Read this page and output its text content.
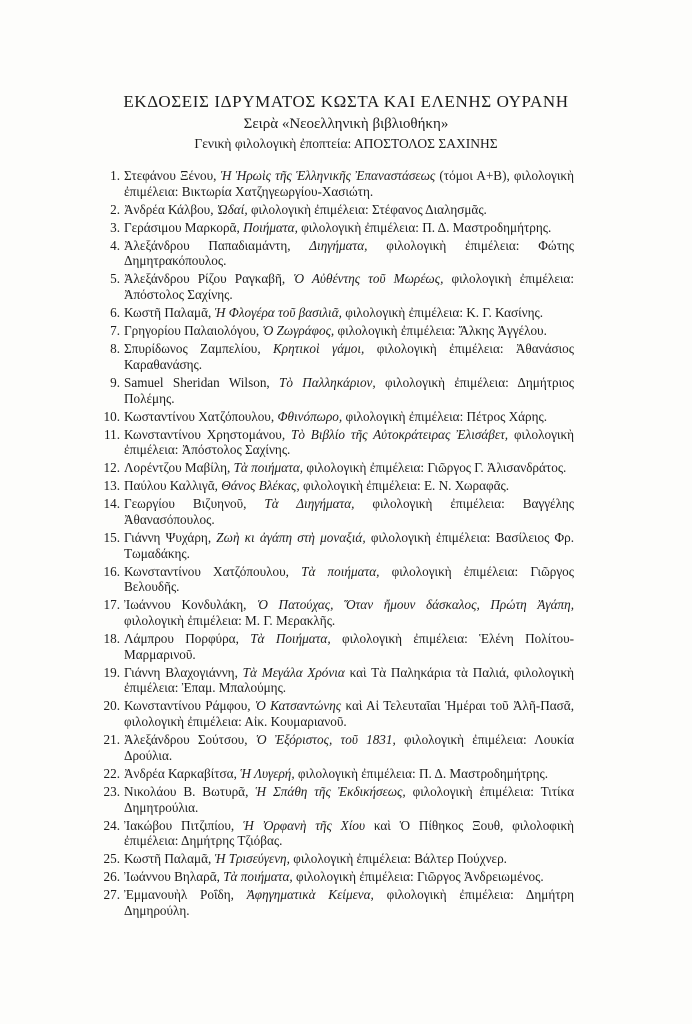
ΕΚΔΟΣΕΙΣ ΙΔΡΥΜΑΤΟΣ ΚΩΣΤΑ ΚΑΙ ΕΛΕΝΗΣ ΟΥΡΑΝΗ
Σειρὰ «Νεοελληνικὴ βιβλιοθήκη»
Γενικὴ φιλολογικὴ ἐποπτεία: ΑΠΟΣΤΟΛΟΣ ΣΑΧΙΝΗΣ
1. Στεφάνου Ξένου, Ἡ Ἡρωὶς τῆς Ἑλληνικῆς Ἐπαναστάσεως (τόμοι Α+Β), φιλολογικὴ ἐπιμέλεια: Βικτωρία Χατζηγεωργίου-Χασιώτη.
2. Ἀνδρέα Κάλβου, Ὠδαί, φιλολογικὴ ἐπιμέλεια: Στέφανος Διαλησμᾶς.
3. Γεράσιμου Μαρκορᾶ, Ποιήματα, φιλολογικὴ ἐπιμέλεια: Π. Δ. Μαστροδημήτρης.
4. Ἀλεξάνδρου Παπαδιαμάντη, Διηγήματα, φιλολογικὴ ἐπιμέλεια: Φώτης Δημητρακόπουλος.
5. Ἀλεξάνδρου Ρίζου Ραγκαβῆ, Ὁ Αὐθέντης τοῦ Μωρέως, φιλολογικὴ ἐπιμέλεια: Ἀπόστολος Σαχίνης.
6. Κωστῆ Παλαμᾶ, Ἡ Φλογέρα τοῦ βασιλιᾶ, φιλολογικὴ ἐπιμέλεια: Κ. Γ. Κασίνης.
7. Γρηγορίου Παλαιολόγου, Ὁ Ζωγράφος, φιλολογικὴ ἐπιμέλεια: Ἄλκης Ἀγγέλου.
8. Σπυρίδωνος Ζαμπελίου, Κρητικοὶ γάμοι, φιλολογικὴ ἐπιμέλεια: Ἀθανάσιος Καραθανάσης.
9. Samuel Sheridan Wilson, Τὸ Παλληκάριον, φιλολογικὴ ἐπιμέλεια: Δημήτριος Πολέμης.
10. Κωσταντίνου Χατζόπουλου, Φθινόπωρο, φιλολογικὴ ἐπιμέλεια: Πέτρος Χάρης.
11. Κωνσταντίνου Χρηστομάνου, Τὸ Βιβλίο τῆς Αὐτοκράτειρας Ἐλισάβετ, φιλολογικὴ ἐπιμέλεια: Ἀπόστολος Σαχίνης.
12. Λορέντζου Μαβίλη, Τὰ ποιήματα, φιλολογικὴ ἐπιμέλεια: Γιῶργος Γ. Ἀλισανδράτος.
13. Παύλου Καλλιγᾶ, Θάνος Βλέκας, φιλολογικὴ ἐπιμέλεια: Ε. Ν. Χωραφᾶς.
14. Γεωργίου Βιζυηνοῦ, Τὰ Διηγήματα, φιλολογικὴ ἐπιμέλεια: Βαγγέλης Ἀθανασόπουλος.
15. Γιάννη Ψυχάρη, Ζωὴ κι ἀγάπη στὴ μοναξιά, φιλολογικὴ ἐπιμέλεια: Βασίλειος Φρ. Τωμαδάκης.
16. Κωνσταντίνου Χατζόπουλου, Τὰ ποιήματα, φιλολογικὴ ἐπιμέλεια: Γιῶργος Βελουδῆς.
17. Ἰωάννου Κονδυλάκη, Ὁ Πατούχας, Ὅταν ἤμουν δάσκαλος, Πρώτη Ἀγάπη, φιλολογικὴ ἐπιμέλεια: Μ. Γ. Μερακλῆς.
18. Λάμπρου Πορφύρα, Τὰ Ποιήματα, φιλολογικὴ ἐπιμέλεια: Ἑλένη Πολίτου-Μαρμαρινοῦ.
19. Γιάννη Βλαχογιάννη, Τὰ Μεγάλα Χρόνια καὶ Τὰ Παληκάρια τὰ Παλιά, φιλολογικὴ ἐπιμέλεια: Ἐπαμ. Μπαλούμης.
20. Κωνσταντίνου Ράμφου, Ὁ Κατσαντώνης καὶ Αἱ Τελευταῖαι Ἡμέραι τοῦ Ἀλῆ-Πασᾶ, φιλολογικὴ ἐπιμέλεια: Αἰκ. Κουμαριανοῦ.
21. Ἀλεξάνδρου Σούτσου, Ὁ Ἐξόριστος, τοῦ 1831, φιλολογικὴ ἐπιμέλεια: Λουκία Δρούλια.
22. Ἀνδρέα Καρκαβίτσα, Ἡ Λυγερή, φιλολογικὴ ἐπιμέλεια: Π. Δ. Μαστροδημήτρης.
23. Νικολάου Β. Βωτυρᾶ, Ἡ Σπάθη τῆς Ἐκδικήσεως, φιλολογικὴ ἐπιμέλεια: Τιτίκα Δημητρούλια.
24. Ἰακώβου Πιτζιπίου, Ἡ Ὀρφανὴ τῆς Χίου καὶ Ὁ Πίθηκος Ξουθ, φιλολοφικὴ ἐπιμέλεια: Δημήτρης Τζιόβας.
25. Κωστῆ Παλαμᾶ, Ἡ Τρισεύγενη, φιλολογικὴ ἐπιμέλεια: Βάλτερ Πούχνερ.
26. Ἰωάννου Βηλαρᾶ, Τὰ ποιήματα, φιλολογικὴ ἐπιμέλεια: Γιῶργος Ἀνδρειωμένος.
27. Ἐμμανουὴλ Ροΐδη, Ἀφηγηματικὰ Κείμενα, φιλολογικὴ ἐπιμέλεια: Δημήτρη Δημηρούλη.
